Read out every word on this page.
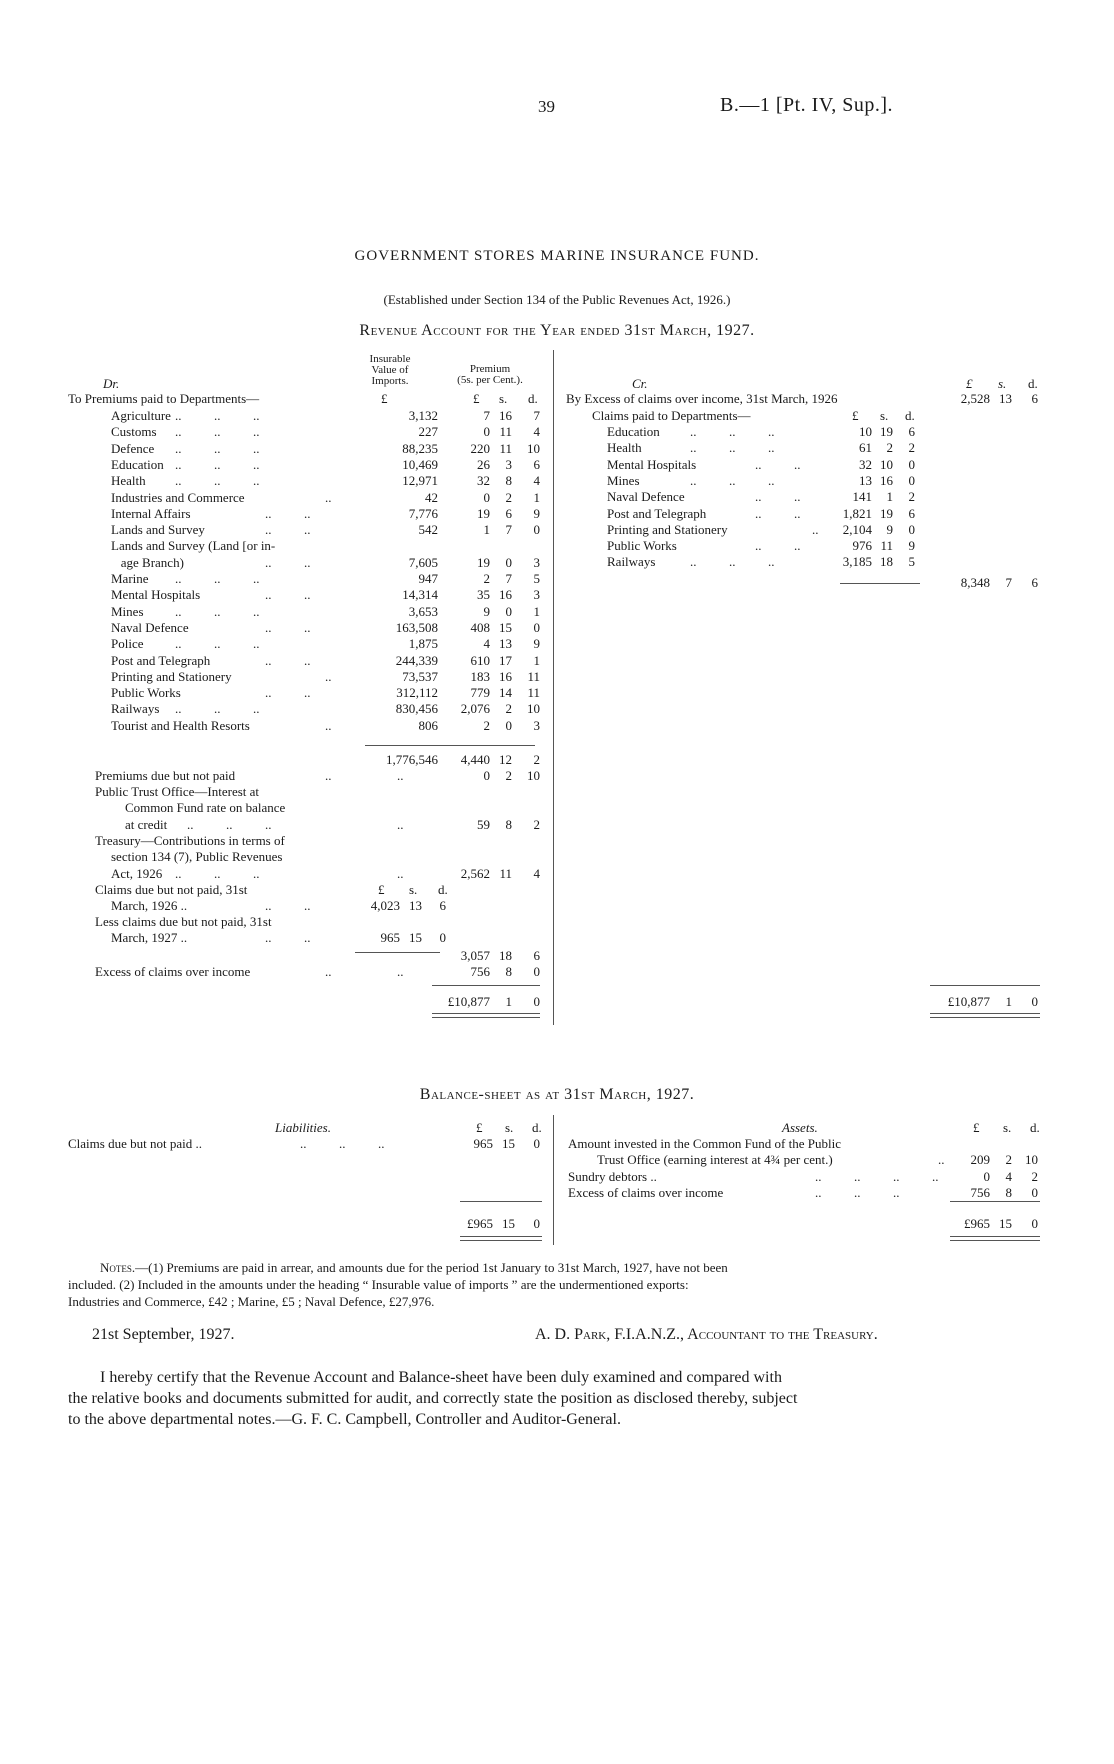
39	B.—1 [Pt. IV, Sup.].
GOVERNMENT STORES MARINE INSURANCE FUND.
(Established under Section 134 of the Public Revenues Act, 1926.)
Revenue Account for the Year ended 31st March, 1927.
Dr.
Insurable
Value of
Imports.
Premium
(5s. per Cent.).
£	£ s. d.
To Premiums paid to Departments—
Agriculture ..          ..          ..	3,132	7 16	7
Customs ..          ..          ..	227	0 11	4
Defence ..          ..          ..	88,235	220 11	10
Education ..          ..          ..	10,469	26	3	6
Health ..          ..          ..	12,971	32	8	4
Industries and Commerce	..	42	0	2	1
Internal Affairs	..          ..	7,776	19	6	9
Lands and Survey	..          ..	542	1	7	0
Lands and Survey (Land [or in-
age Branch)	..          ..	7,605	19	0	3
Marine ..          ..          ..	947	2	7	5
Mental Hospitals	..          ..	14,314	35 16	3
Mines ..          ..          ..	3,653	9	0	1
Naval Defence	..          ..	163,508	408 15	0
Police ..          ..          ..	1,875	4 13	9
Post and Telegraph	..          ..	244,339	610 17	1
Printing and Stationery	..	73,537	183 16	11
Public Works	..          ..	312,112	779 14	11
Railways ..          ..          ..	830,456	2,076	2	10
Tourist and Health Resorts	..	806	2	0	3
1,776,546	4,440 12	2
Premiums due but not paid	..	..	0	2	10
Public Trust Office—Interest at
Common Fund rate on balance
at credit ..          ..          ..	..	59	8	2
Treasury—Contributions in terms of
section 134 (7), Public Revenues
Act, 1926 ..          ..          ..	..	2,562 11	4
Claims due but not paid, 31st
March, 1926 ..
£ s. d.
..          ..	4,023 13	6
Less claims due but not paid, 31st
March, 1927 ..	..          ..	965 15	0
3,057 18	6
Excess of claims over income	..	..	756	8	0
£10,877	1	0
Cr.	£ s. d.
By Excess of claims over income, 31st March, 1926	2,528 13	6
Claims paid to Departments—	£ s. d.
Education ..          ..          ..	10 19	6
Health	..          ..          ..	61	2	2
Mental Hospitals	..          ..	32 10	0
Mines	..          ..          ..	13 16	0
Naval Defence	..          ..	141	1	2
Post and Telegraph	..          ..	1,821 19	6
Printing and Stationery	..	2,104	9	0
Public Works	..          ..	976 11	9
Railways	..          ..          ..	3,185 18	5
8,348	7	6
£10,877	1	0
Balance-sheet as at 31st March, 1927.
Liabilities.	£ s. d.
Claims due but not paid ..	..          ..          ..	965 15	0
£965 15	0
Assets.	£ s. d.
Amount invested in the Common Fund of the Public
Trust Office (earning interest at 4¾ per cent.)	..	209	2	10
Sundry debtors ..	..          ..          ..          ..	0	4	2
Excess of claims over income	..          ..          ..	756	8	0
£965 15	0
Notes.—(1) Premiums are paid in arrear, and amounts due for the period 1st January to 31st March, 1927, have not been
included. (2) Included in the amounts under the heading “ Insurable value of imports ” are the undermentioned exports:
Industries and Commerce, £42 ; Marine, £5 ; Naval Defence, £27,976.
21st September, 1927.	A. D. Park, F.I.A.N.Z., Accountant to the Treasury.
I hereby certify that the Revenue Account and Balance-sheet have been duly examined and compared with
the relative books and documents submitted for audit, and correctly state the position as disclosed thereby, subject
to the above departmental notes.—G. F. C. Campbell, Controller and Auditor-General.
